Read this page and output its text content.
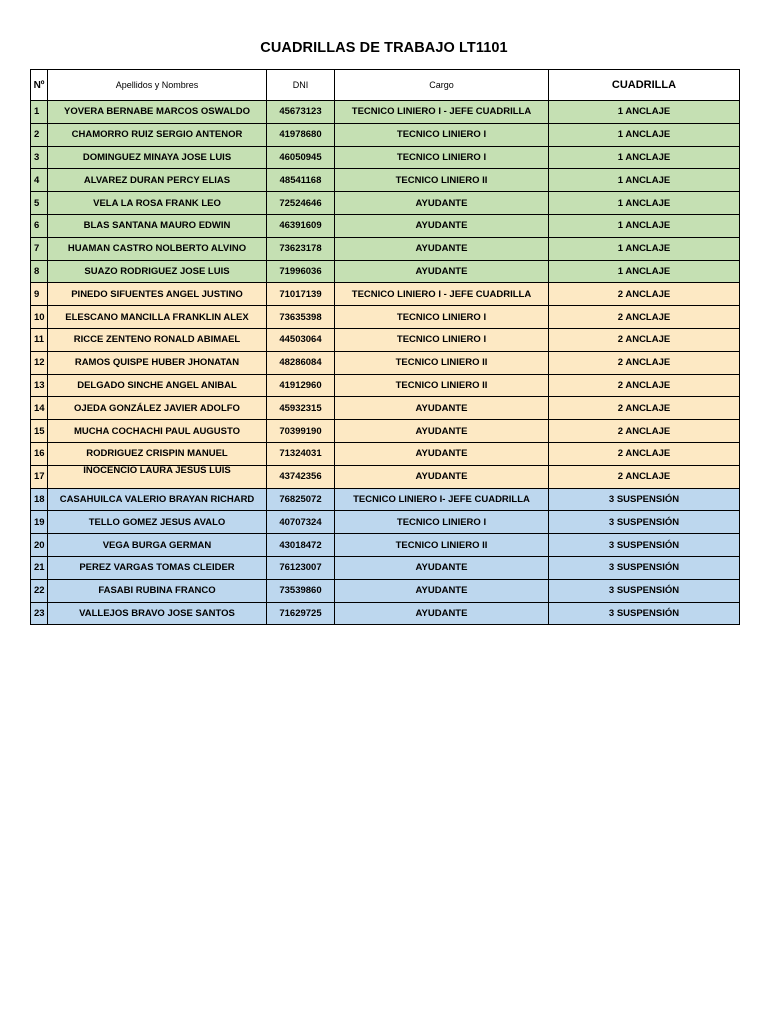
CUADRILLAS DE TRABAJO LT1101
Nº	Apellidos y Nombres	DNI	Cargo	CUADRILLA
1	YOVERA BERNABE MARCOS OSWALDO	45673123	TECNICO LINIERO I - JEFE CUADRILLA	1 ANCLAJE
2	CHAMORRO RUIZ SERGIO ANTENOR	41978680	TECNICO LINIERO I	1 ANCLAJE
3	DOMINGUEZ MINAYA JOSE LUIS	46050945	TECNICO LINIERO I	1 ANCLAJE
4	ALVAREZ DURAN PERCY ELIAS	48541168	TECNICO LINIERO II	1 ANCLAJE
5	VELA LA ROSA FRANK LEO	72524646	AYUDANTE	1 ANCLAJE
6	BLAS SANTANA MAURO EDWIN	46391609	AYUDANTE	1 ANCLAJE
7	HUAMAN CASTRO NOLBERTO ALVINO	73623178	AYUDANTE	1 ANCLAJE
8	SUAZO RODRIGUEZ JOSE LUIS	71996036	AYUDANTE	1 ANCLAJE
9	PINEDO SIFUENTES ANGEL JUSTINO	71017139	TECNICO LINIERO I - JEFE CUADRILLA	2 ANCLAJE
10	ELESCANO MANCILLA FRANKLIN ALEX	73635398	TECNICO LINIERO I	2 ANCLAJE
11	RICCE ZENTENO RONALD ABIMAEL	44503064	TECNICO LINIERO I	2 ANCLAJE
12	RAMOS QUISPE HUBER JHONATAN	48286084	TECNICO LINIERO II	2 ANCLAJE
13	DELGADO SINCHE ANGEL ANIBAL	41912960	TECNICO LINIERO II	2 ANCLAJE
14	OJEDA GONZÁLEZ JAVIER ADOLFO	45932315	AYUDANTE	2 ANCLAJE
15	MUCHA COCHACHI PAUL AUGUSTO	70399190	AYUDANTE	2 ANCLAJE
16	RODRIGUEZ CRISPIN MANUEL	71324031	AYUDANTE	2 ANCLAJE
17	INOCENCIO LAURA JESUS LUIS	43742356	AYUDANTE	2 ANCLAJE
18	CASAHUILCA VALERIO BRAYAN RICHARD	76825072	TECNICO LINIERO I- JEFE CUADRILLA	3 SUSPENSIÓN
19	TELLO GOMEZ JESUS AVALO	40707324	TECNICO LINIERO I	3 SUSPENSIÓN
20	VEGA BURGA GERMAN	43018472	TECNICO LINIERO II	3 SUSPENSIÓN
21	PEREZ VARGAS TOMAS CLEIDER	76123007	AYUDANTE	3 SUSPENSIÓN
22	FASABI RUBINA FRANCO	73539860	AYUDANTE	3 SUSPENSIÓN
23	VALLEJOS BRAVO JOSE SANTOS	71629725	AYUDANTE	3 SUSPENSIÓN
